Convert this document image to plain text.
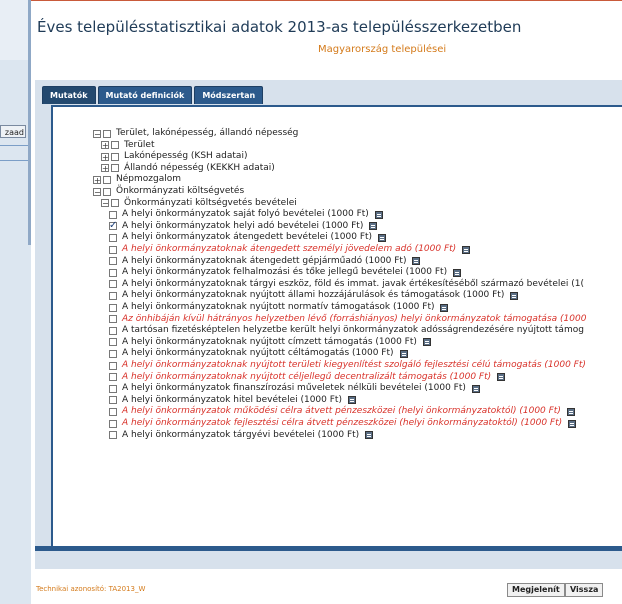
zaad
Éves településstatisztikai adatok 2013-as településszerkezetben
Magyarország települései
Mutatók	Mutató definiciók	Módszertan
− Terület, lakónépesség, állandó népesség
+ Terület
+ Lakónépesség (KSH adatai)
+ Állandó népesség (KEKKH adatai)
+ Népmozgalom
− Önkormányzati költségvetés
− Önkormányzati költségvetés bevételei
A helyi önkormányzatok saját folyó bevételei (1000 Ft)
✓
A helyi önkormányzatok helyi adó bevételei (1000 Ft)
A helyi önkormányzatok átengedett bevételei (1000 Ft)
A helyi önkormányzatoknak átengedett személyi jövedelem adó (1000 Ft)
A helyi önkormányzatoknak átengedett gépjárműadó (1000 Ft)
A helyi önkormányzatok felhalmozási és tőke jellegű bevételei (1000 Ft)
A helyi önkormányzatoknak tárgyi eszköz, föld és immat. javak értékesítéséből származó bevételei (1(
A helyi önkormányzatoknak nyújtott állami hozzájárulások és támogatások (1000 Ft)
A helyi önkormányzatoknak nyújtott normatív támogatások (1000 Ft)
Az önhibáján kívül hátrányos helyzetben lévő (forráshiányos) helyi önkormányzatok támogatása (1000
A tartósan fizetésképtelen helyzetbe került helyi önkormányzatok adósságrendezésére nyújtott támog
A helyi önkormányzatoknak nyújtott címzett támogatás (1000 Ft)
A helyi önkormányzatoknak nyújtott céltámogatás (1000 Ft)
A helyi önkormányzatoknak nyújtott területi kiegyenlítést szolgáló fejlesztési célú támogatás (1000 Ft)
A helyi önkormányzatoknak nyújtott céljellegű decentralizált támogatás (1000 Ft)
A helyi önkormányzatok finanszírozási műveletek nélküli bevételei (1000 Ft)
A helyi önkormányzatok hitel bevételei (1000 Ft)
A helyi önkormányzatok működési célra átvett pénzeszközei (helyi önkormányzatoktól) (1000 Ft)
A helyi önkormányzatok fejlesztési célra átvett pénzeszközei (helyi önkormányzatoktól) (1000 Ft)
A helyi önkormányzatok tárgyévi bevételei (1000 Ft)
Technikai azonosító: TA2013_W	Megjelenít	Vissza
